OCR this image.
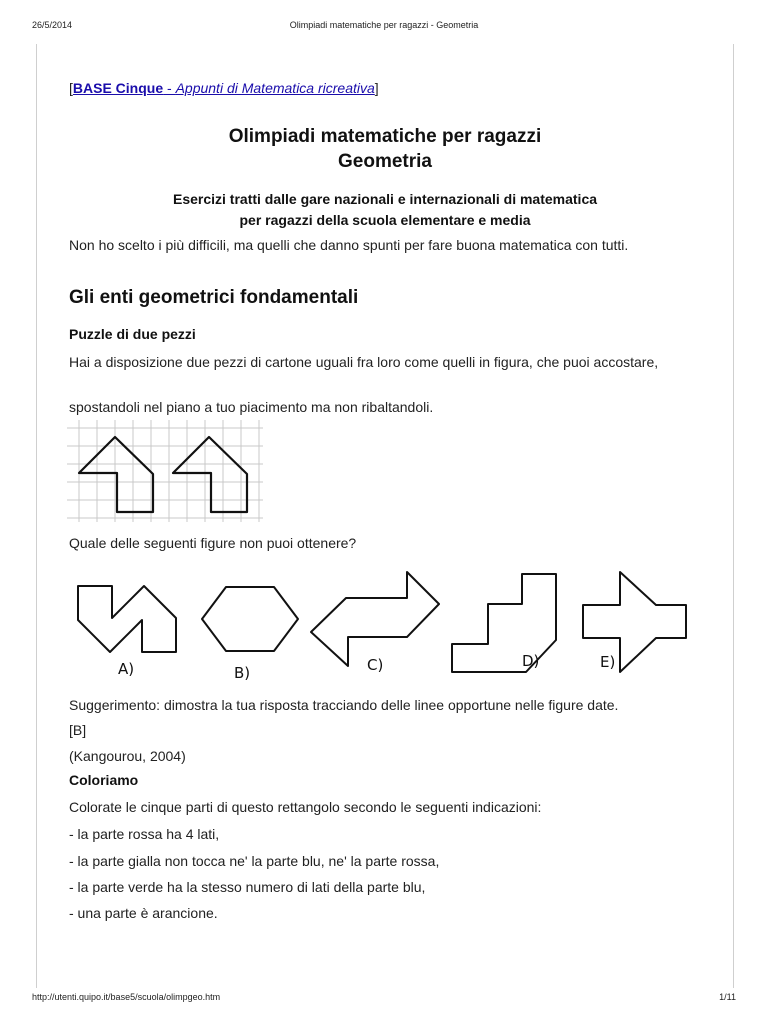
26/5/2014	Olimpiadi matematiche per ragazzi - Geometria
[BASE Cinque - Appunti di Matematica ricreativa]
Olimpiadi matematiche per ragazzi
Geometria
Esercizi tratti dalle gare nazionali e internazionali di matematica
per ragazzi della scuola elementare e media

Non ho scelto i più difficili, ma quelli che danno spunti per fare buona matematica con tutti.

Gli enti geometrici fondamentali
Puzzle di due pezzi

Hai a disposizione due pezzi di cartone uguali fra loro come quelli in figura, che puoi accostare,

spostandoli nel piano a tuo piacimento ma non ribaltandoli.

Quale delle seguenti figure non puoi ottenere?

A)	B)	C)	D)	E)

Suggerimento: dimostra la tua risposta tracciando delle linee opportune nelle figure date.

[B]

(Kangourou, 2004)

Coloriamo

Colorate le cinque parti di questo rettangolo secondo le seguenti indicazioni:

- la parte rossa ha 4 lati,

- la parte gialla non tocca ne' la parte blu, ne' la parte rossa,

- la parte verde ha la stesso numero di lati della parte blu,

- una parte è arancione.

http://utenti.quipo.it/base5/scuola/olimpgeo.htm	1/11
